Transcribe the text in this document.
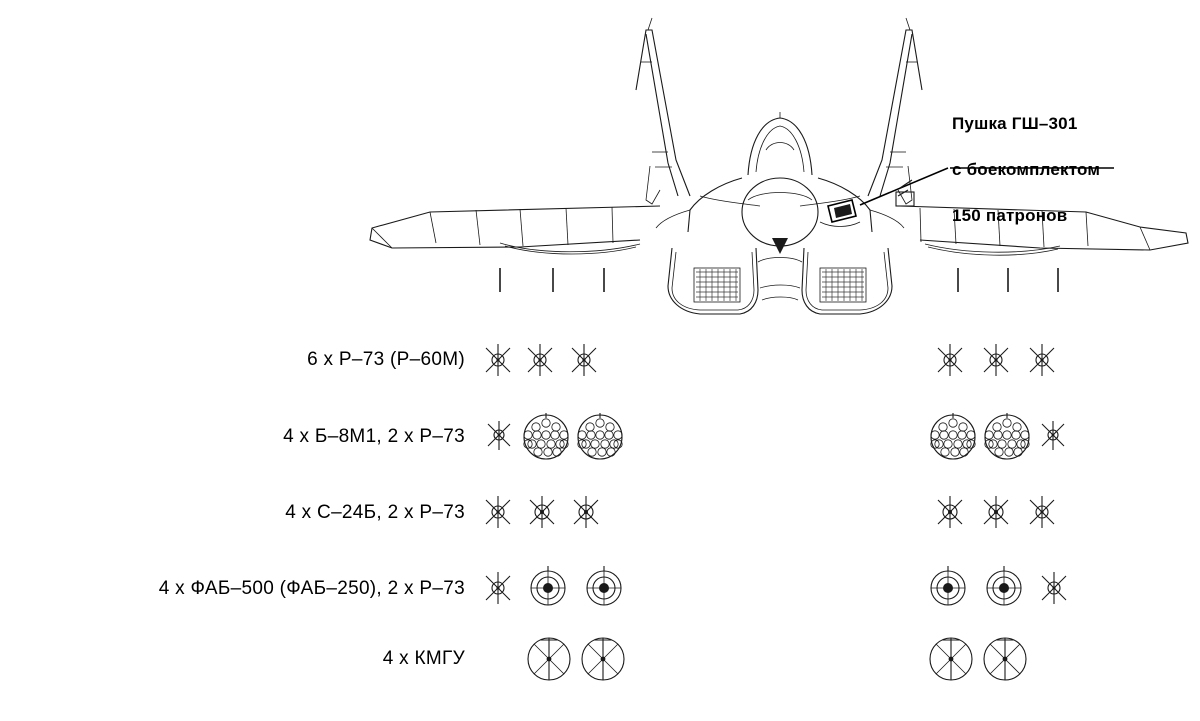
Пушка ГШ–301

с боекомплектом

150 патронов

6 x Р–73 (Р–60М)
4 x Б–8М1, 2 x Р–73
4 x С–24Б, 2 x Р–73
4 x ФАБ–500 (ФАБ–250), 2 x Р–73
4 x КМГУ
